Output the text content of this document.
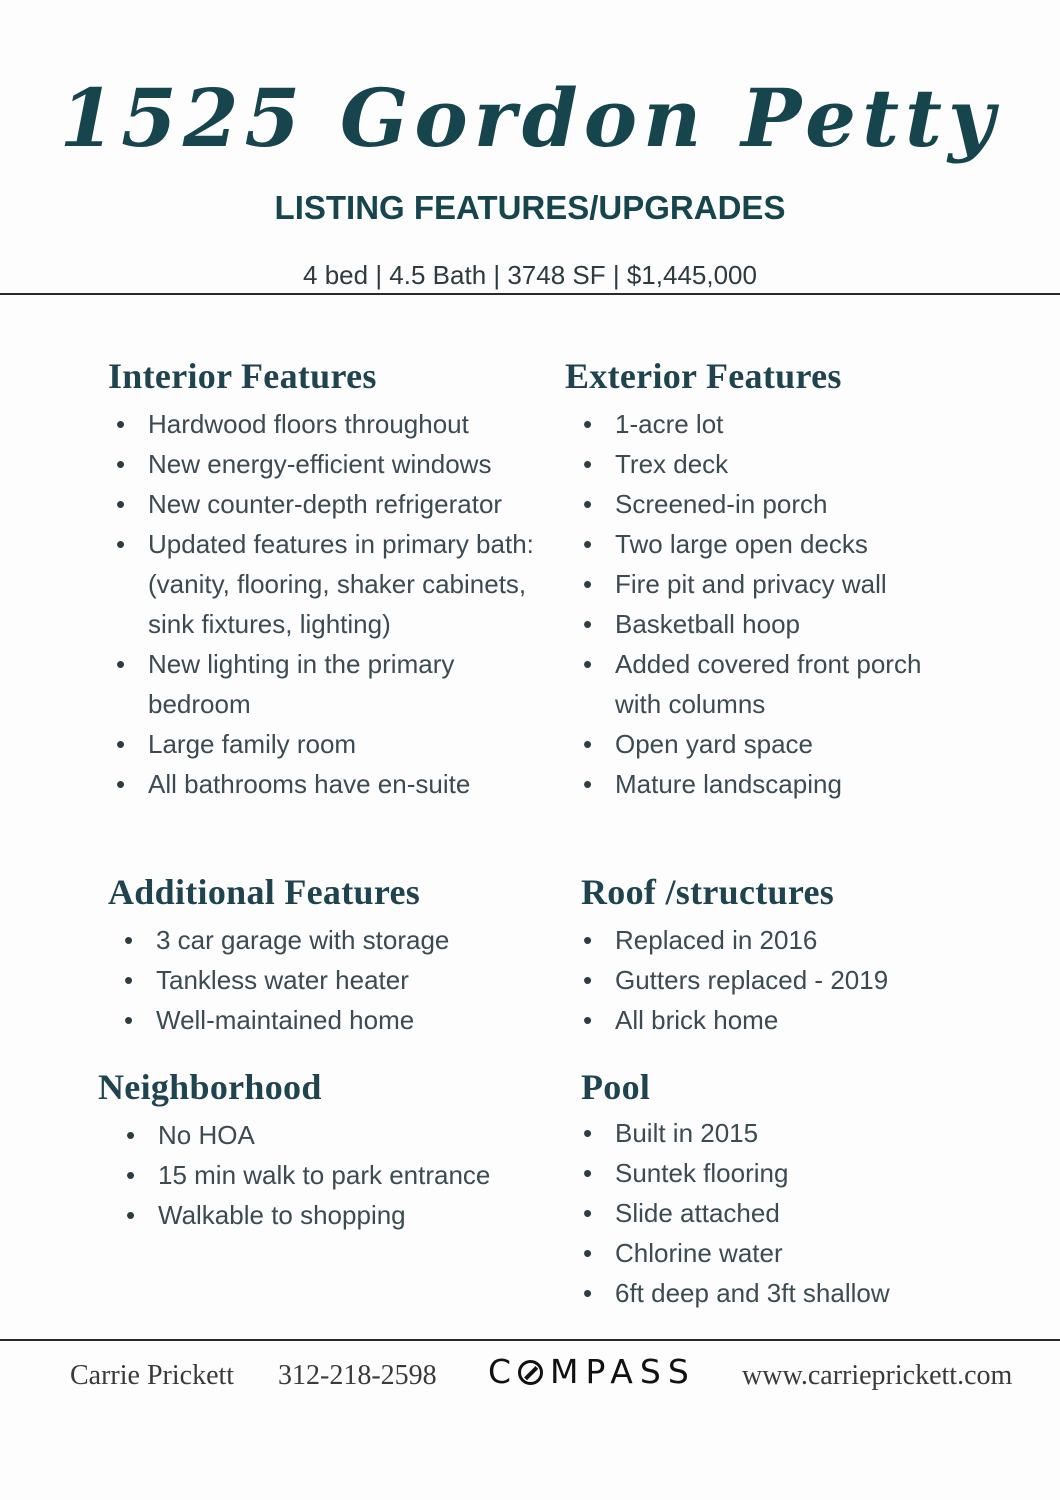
1525 Gordon Petty
LISTING FEATURES/UPGRADES
4 bed | 4.5 Bath | 3748 SF | $1,445,000
Interior Features
• Hardwood floors throughout
• New energy-efficient windows
• New counter-depth refrigerator
• Updated features in primary bath: (vanity, flooring, shaker cabinets, sink fixtures, lighting)
• New lighting in the primary bedroom
• Large family room
• All bathrooms have en-suite
Exterior Features
• 1-acre lot
• Trex deck
• Screened-in porch
• Two large open decks
• Fire pit and privacy wall
• Basketball hoop
• Added covered front porch with columns
• Open yard space
• Mature landscaping
Additional Features
• 3 car garage with storage
• Tankless water heater
• Well-maintained home
Roof /structures
• Replaced in 2016
• Gutters replaced - 2019
• All brick home
Neighborhood
• No HOA
• 15 min walk to park entrance
• Walkable to shopping
Pool
• Built in 2015
• Suntek flooring
• Slide attached
• Chlorine water
• 6ft deep and 3ft shallow
Carrie Prickett 312-218-2598 C MPASS www.carrieprickett.com
